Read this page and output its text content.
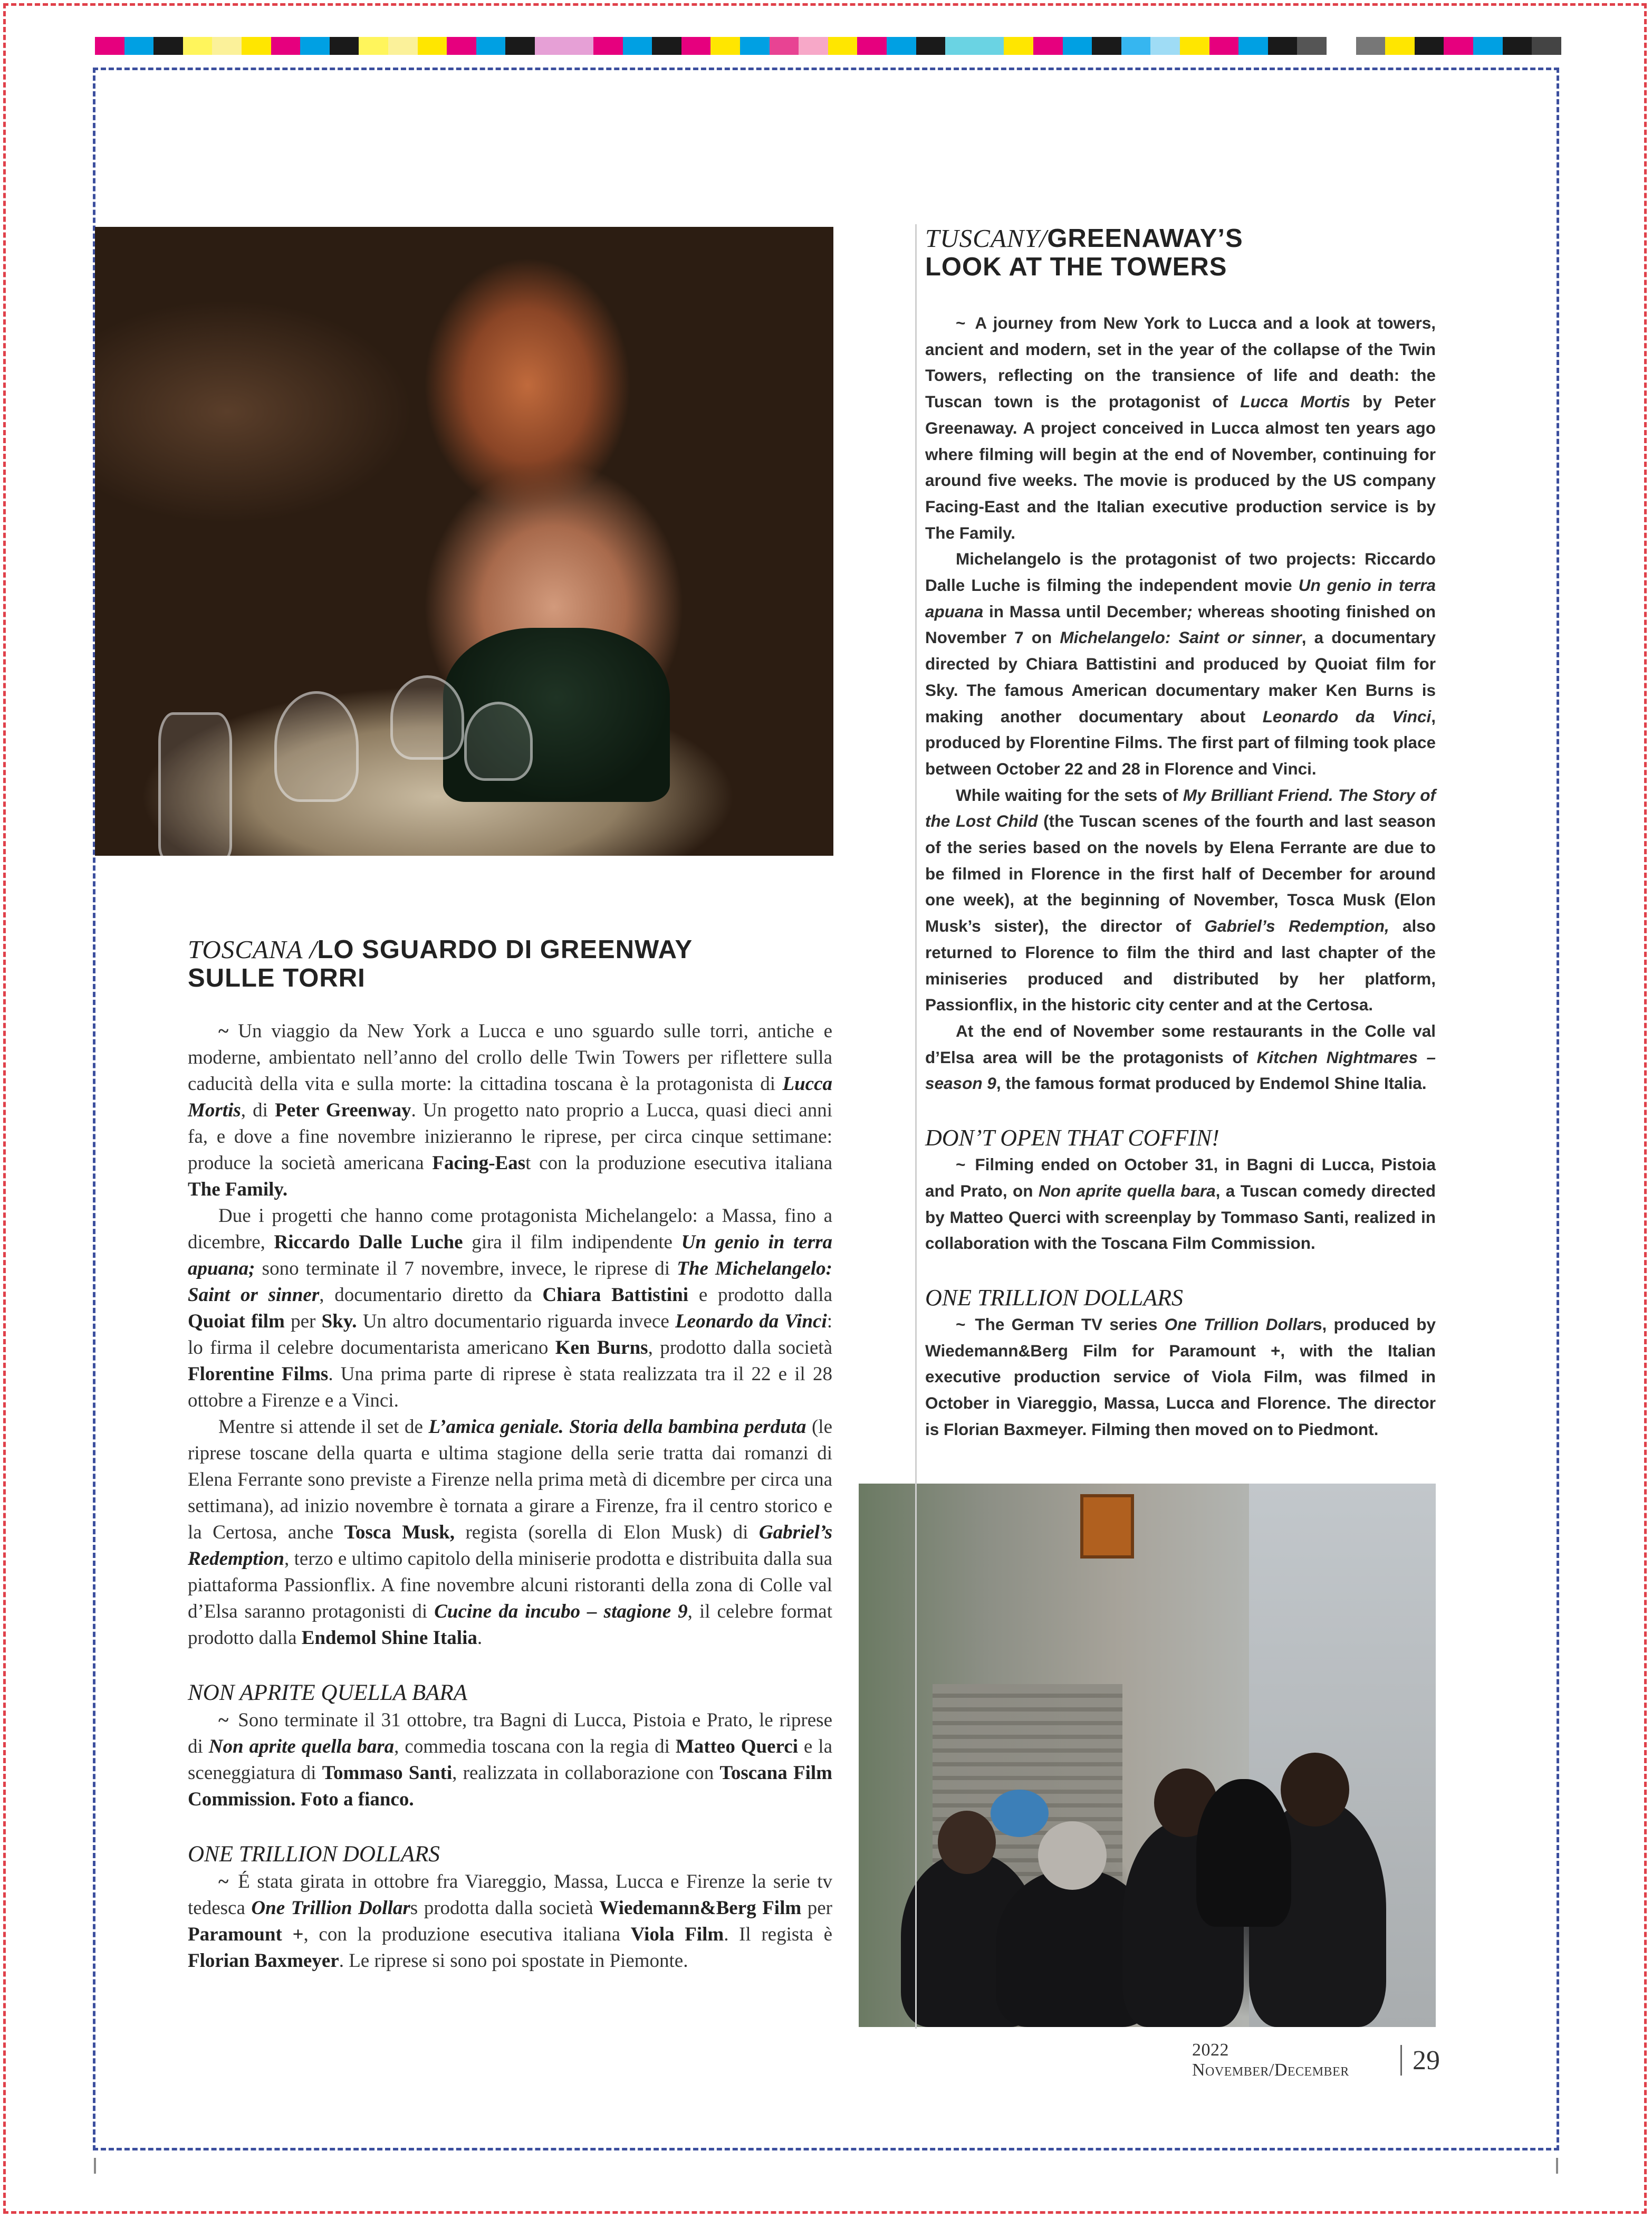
TOSCANA /LO SGUARDO DI GREENWAY
SULLE TORRI

~ Un viaggio da New York a Lucca e uno sguardo sulle torri, antiche e moderne, ambientato nell’anno del crollo delle Twin Towers per riflettere sulla caducità della vita e sulla morte: la cittadina toscana è la protagonista di Lucca Mortis, di Peter Greenway. Un progetto nato proprio a Lucca, quasi dieci anni fa, e dove a fine novembre inizieranno le riprese, per circa cinque settimane: produce la società americana Facing-East con la produzione esecutiva italiana The Family.

Due i progetti che hanno come protagonista Michelangelo: a Massa, fino a dicembre, Riccardo Dalle Luche gira il film indipendente Un genio in terra apuana; sono terminate il 7 novembre, invece, le riprese di The Michelangelo: Saint or sinner, documentario diretto da Chiara Battistini e prodotto dalla Quoiat film per Sky. Un altro documentario riguarda invece Leonardo da Vinci: lo firma il celebre documentarista americano Ken Burns, prodotto dalla società Florentine Films. Una prima parte di riprese è stata realizzata tra il 22 e il 28 ottobre a Firenze e a Vinci.

Mentre si attende il set de L’amica geniale. Storia della bambina perduta (le riprese toscane della quarta e ultima stagione della serie tratta dai romanzi di Elena Ferrante sono previste a Firenze nella prima metà di dicembre per circa una settimana), ad inizio novembre è tornata a girare a Firenze, fra il centro storico e la Certosa, anche Tosca Musk, regista (sorella di Elon Musk) di Gabriel’s Redemption, terzo e ultimo capitolo della miniserie prodotta e distribuita dalla sua piattaforma Passionflix. A fine novembre alcuni ristoranti della zona di Colle val d’Elsa saranno protagonisti di Cucine da incubo – stagione 9, il celebre format prodotto dalla Endemol Shine Italia.

NON APRITE QUELLA BARA

~ Sono terminate il 31 ottobre, tra Bagni di Lucca, Pistoia e Prato, le riprese di Non aprite quella bara, commedia toscana con la regia di Matteo Querci e la sceneggiatura di Tommaso Santi, realizzata in collaborazione con Toscana Film Commission. Foto a fianco.

ONE TRILLION DOLLARS

~ É stata girata in ottobre fra Viareggio, Massa, Lucca e Firenze la serie tv tedesca One Trillion Dollars prodotta dalla società Wiedemann&Berg Film per Paramount +, con la produzione esecutiva italiana Viola Film. Il regista è Florian Baxmeyer. Le riprese si sono poi spostate in Piemonte.

TUSCANY/GREENAWAY’S
LOOK AT THE TOWERS

~ A journey from New York to Lucca and a look at towers, ancient and modern, set in the year of the collapse of the Twin Towers, reflecting on the transience of life and death: the Tuscan town is the protagonist of Lucca Mortis by Peter Greenaway. A project conceived in Lucca almost ten years ago where filming will begin at the end of November, continuing for around five weeks. The movie is produced by the US company Facing-East and the Italian executive production service is by The Family.

Michelangelo is the protagonist of two projects: Riccardo Dalle Luche is filming the independent movie Un genio in terra apuana in Massa until December; whereas shooting finished on November 7 on Michelangelo: Saint or sinner, a documentary directed by Chiara Battistini and produced by Quoiat film for Sky. The famous American documentary maker Ken Burns is making another documentary about Leonardo da Vinci, produced by Florentine Films. The first part of filming took place between October 22 and 28 in Florence and Vinci.

While waiting for the sets of My Brilliant Friend. The Story of the Lost Child (the Tuscan scenes of the fourth and last season of the series based on the novels by Elena Ferrante are due to be filmed in Florence in the first half of December for around one week), at the beginning of November, Tosca Musk (Elon Musk’s sister), the director of Gabriel’s Redemption, also returned to Florence to film the third and last chapter of the miniseries produced and distributed by her platform, Passionflix, in the historic city center and at the Certosa.

At the end of November some restaurants in the Colle val d’Elsa area will be the protagonists of Kitchen Nightmares – season 9, the famous format produced by Endemol Shine Italia.

DON’T OPEN THAT COFFIN!

~ Filming ended on October 31, in Bagni di Lucca, Pistoia and Prato, on Non aprite quella bara, a Tuscan comedy directed by Matteo Querci with screenplay by Tommaso Santi, realized in collaboration with the Toscana Film Commission.

ONE TRILLION DOLLARS

~ The German TV series One Trillion Dollars, produced by Wiedemann&Berg Film for Paramount +, with the Italian executive production service of Viola Film, was filmed in October in Viareggio, Massa, Lucca and Florence. The director is Florian Baxmeyer. Filming then moved on to Piedmont.

2022 November/December	29
